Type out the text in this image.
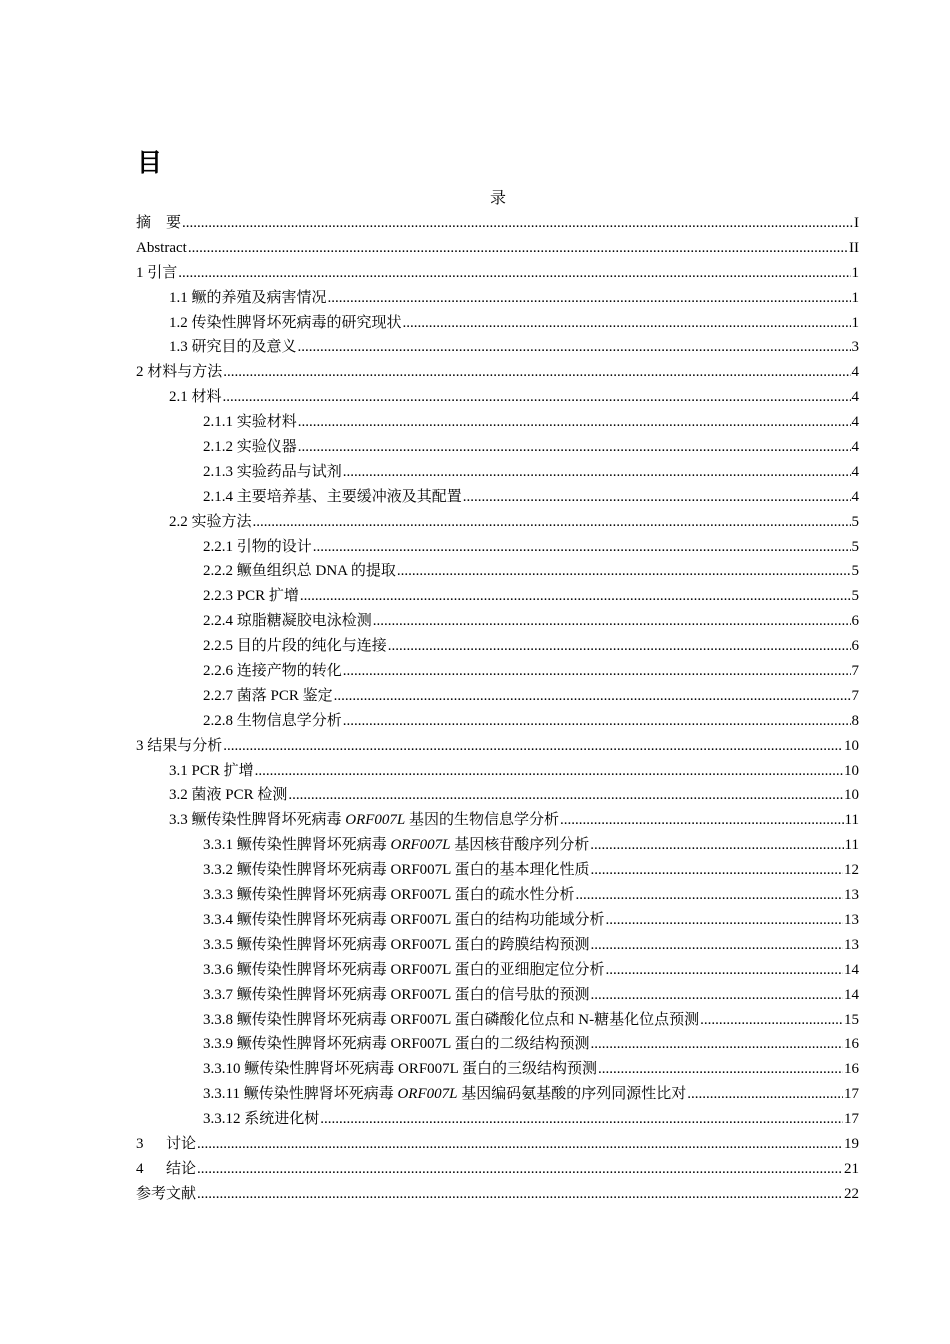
目
录
摘    要 .....	I
Abstract .....	II
1 引言 .....	1
1.1 鳜的养殖及病害情况 .....	1
1.2 传染性脾肾坏死病毒的研究现状 .....	1
1.3 研究目的及意义 .....	3
2 材料与方法 .....	4
2.1 材料 .....	4
2.1.1 实验材料 .....	4
2.1.2 实验仪器 .....	4
2.1.3 实验药品与试剂 .....	4
2.1.4 主要培养基、主要缓冲液及其配置 .....	4
2.2 实验方法 .....	5
2.2.1 引物的设计 .....	5
2.2.2 鳜鱼组织总 DNA 的提取 .....	5
2.2.3 PCR 扩增 .....	5
2.2.4 琼脂糖凝胶电泳检测 .....	6
2.2.5 目的片段的纯化与连接 .....	6
2.2.6 连接产物的转化 .....	7
2.2.7 菌落 PCR 鉴定 .....	7
2.2.8 生物信息学分析 .....	8
3 结果与分析 .....	10
3.1 PCR 扩增 .....	10
3.2 菌液 PCR 检测 .....	10
3.3 鳜传染性脾肾坏死病毒 ORF007L 基因的生物信息学分析 .....	11
3.3.1 鳜传染性脾肾坏死病毒 ORF007L 基因核苷酸序列分析 .....	11
3.3.2 鳜传染性脾肾坏死病毒 ORF007L 蛋白的基本理化性质 .....	12
3.3.3 鳜传染性脾肾坏死病毒 ORF007L 蛋白的疏水性分析 .....	13
3.3.4 鳜传染性脾肾坏死病毒 ORF007L 蛋白的结构功能域分析 .....	13
3.3.5 鳜传染性脾肾坏死病毒 ORF007L 蛋白的跨膜结构预测 .....	13
3.3.6 鳜传染性脾肾坏死病毒 ORF007L 蛋白的亚细胞定位分析 .....	14
3.3.7 鳜传染性脾肾坏死病毒 ORF007L 蛋白的信号肽的预测 .....	14
3.3.8 鳜传染性脾肾坏死病毒 ORF007L 蛋白磷酸化位点和 N-糖基化位点预测 .....	15
3.3.9 鳜传染性脾肾坏死病毒 ORF007L 蛋白的二级结构预测 .....	16
3.3.10 鳜传染性脾肾坏死病毒 ORF007L 蛋白的三级结构预测 .....	16
3.3.11 鳜传染性脾肾坏死病毒 ORF007L 基因编码氨基酸的序列同源性比对 .....	17
3.3.12 系统进化树 .....	17
3      讨论 .....	19
4      结论 .....	21
参考文献 .....	22
